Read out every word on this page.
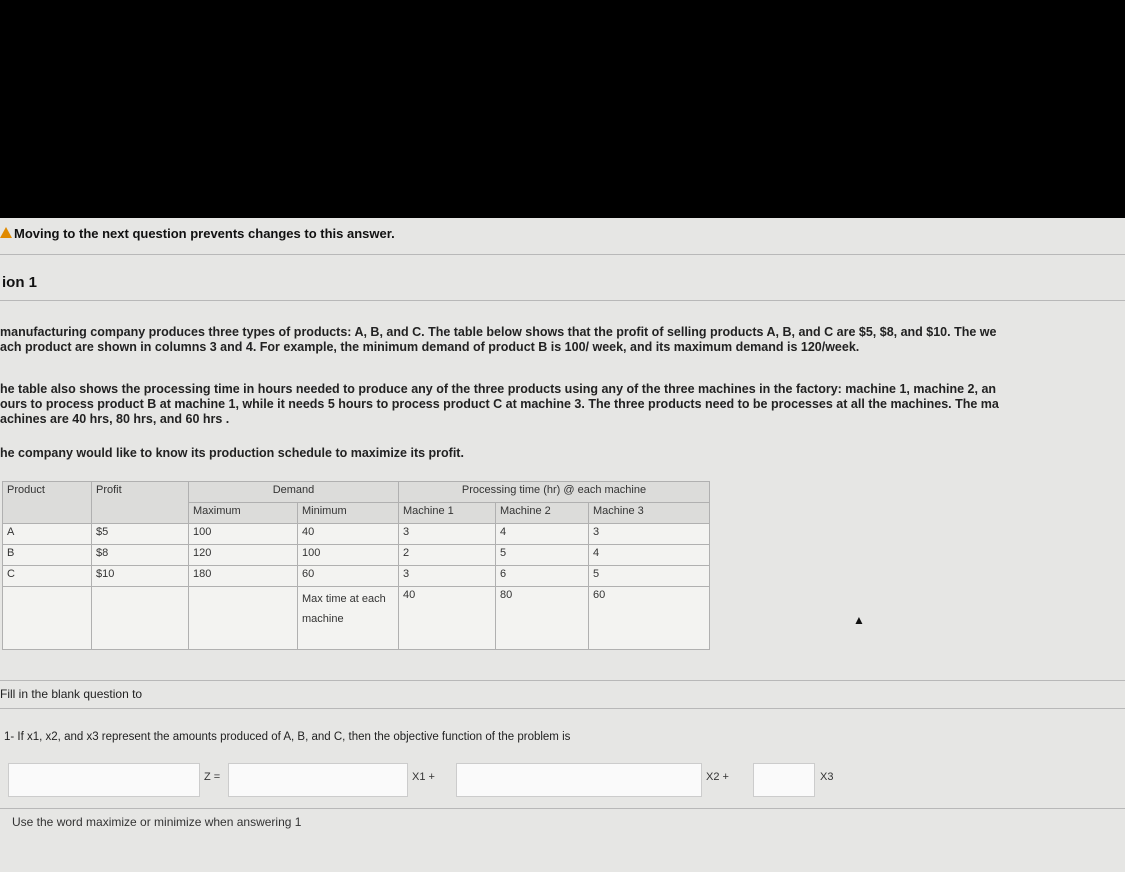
Moving to the next question prevents changes to this answer.
ion 1
manufacturing company produces three types of products: A, B, and C. The table below shows that the profit of selling products A, B, and C are $5, $8, and $10. The we
ach product are shown in columns 3 and 4. For example, the minimum demand of product B is 100/ week, and its maximum demand is 120/week.
he table also shows the processing time in hours needed to produce any of the three products using any of the three machines in the factory: machine 1, machine 2, an
ours to process product B at machine 1, while it needs 5 hours to process product C at machine 3. The three products need to be processes at all the machines. The ma
achines are 40 hrs, 80 hrs, and 60 hrs .
he company would like to know its production schedule to maximize its profit.
Product	Profit	Demand		Processing time (hr) @ each machine		
		Maximum	Minimum	Machine 1	Machine 2	Machine 3
A	$5	100	40	3	4	3
B	$8	120	100	2	5	4
C	$10	180	60	3	6	5
			Max time at each machine	40	80	60
▲
Fill in the blank question to
1- If x1, x2, and x3 represent the amounts produced of A, B, and C, then the objective function of the problem is
Z =	X1 +	X2 +	X3
Use the word maximize or minimize when answering 1
